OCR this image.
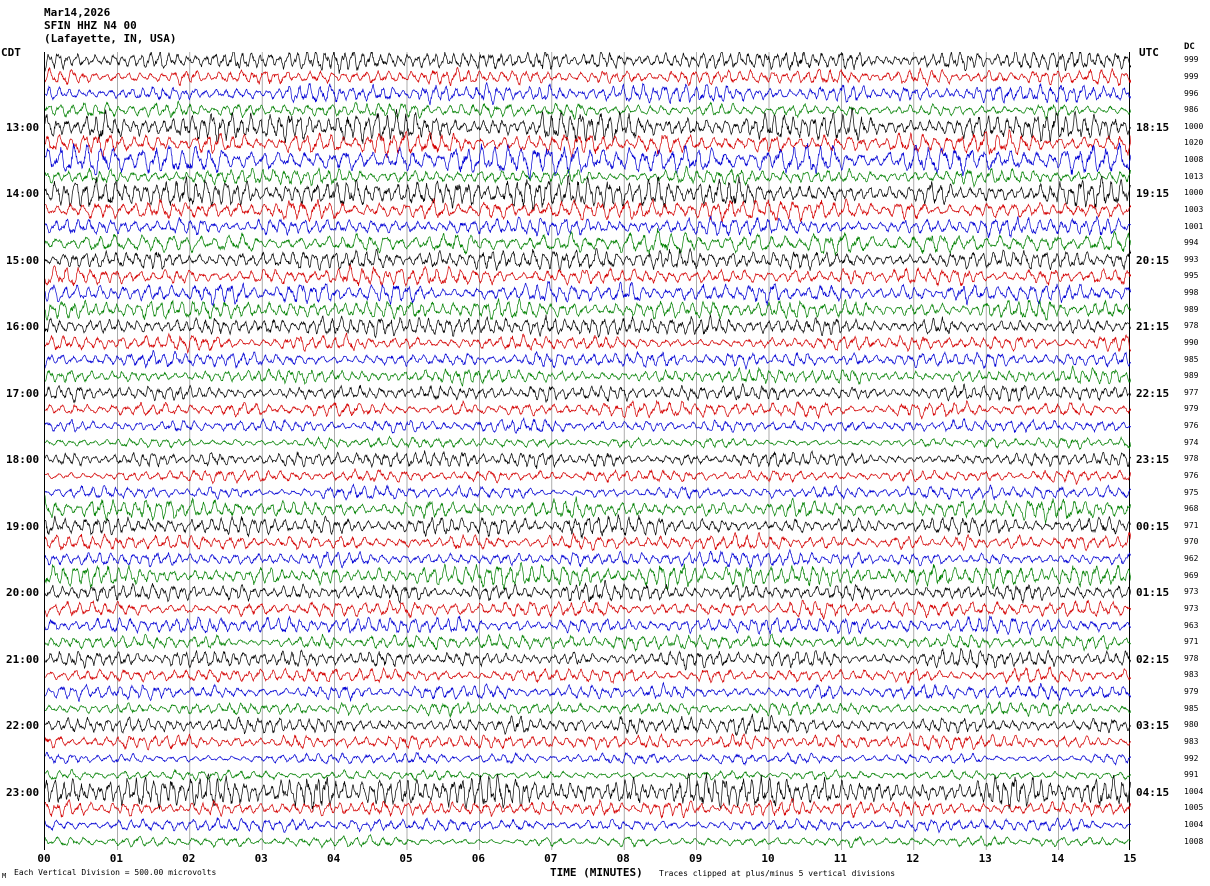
Mar14,2026
SFIN HHZ N4 00
(Lafayette, IN, USA)
CDT	UTC	DC
13:00
14:00
15:00
16:00
17:00
18:00
19:00
20:00
21:00
22:00
23:00
18:15
19:15
20:15
21:15
22:15
23:15
00:15
01:15
02:15
03:15
04:15
999
999
996
986
1000
1020
1008
1013
1000
1003
1001
994
993
995
998
989
978
990
985
989
977
979
976
974
978
976
975
968
971
970
962
969
973
973
963
971
978
983
979
985
980
983
992
991
1004
1005
1004
1008
00	01	02	03	04	05	06	07	08	09	10	11	12	13	14	15
TIME (MINUTES)
M Each Vertical Division = 500.00 microvolts	Traces clipped at plus/minus 5 vertical divisions
